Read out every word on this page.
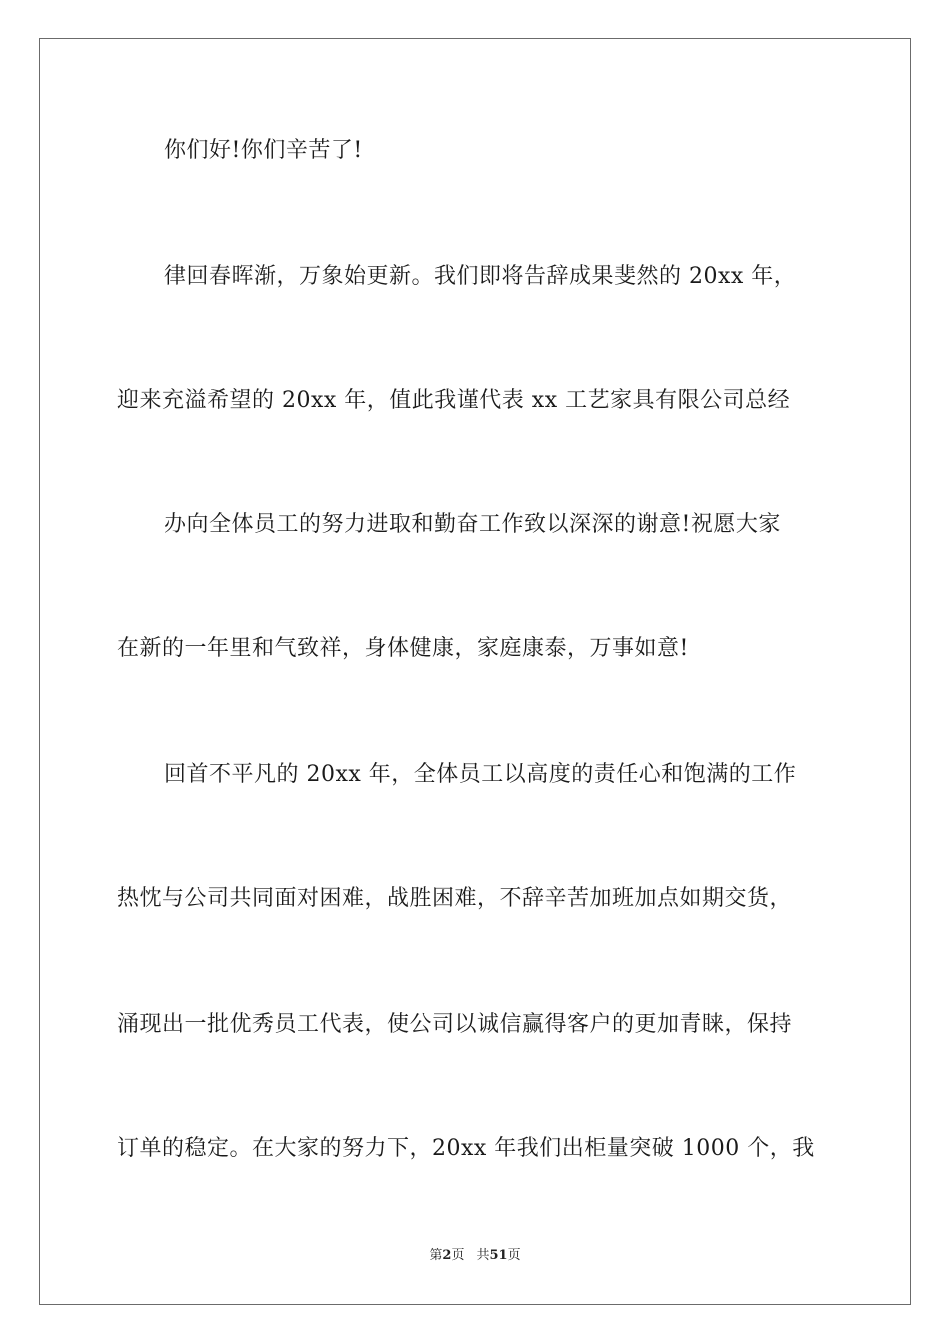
你们好!你们辛苦了!
律回春晖渐，万象始更新。我们即将告辞成果斐然的 20xx 年，
迎来充溢希望的 20xx 年，值此我谨代表 xx 工艺家具有限公司总经
办向全体员工的努力进取和勤奋工作致以深深的谢意!祝愿大家
在新的一年里和气致祥，身体健康，家庭康泰，万事如意!
回首不平凡的 20xx 年，全体员工以高度的责任心和饱满的工作
热忱与公司共同面对困难，战胜困难，不辞辛苦加班加点如期交货，
涌现出一批优秀员工代表，使公司以诚信赢得客户的更加青睐，保持
订单的稳定。在大家的努力下，20xx 年我们出柜量突破 1000 个，我
第2页 共51页
